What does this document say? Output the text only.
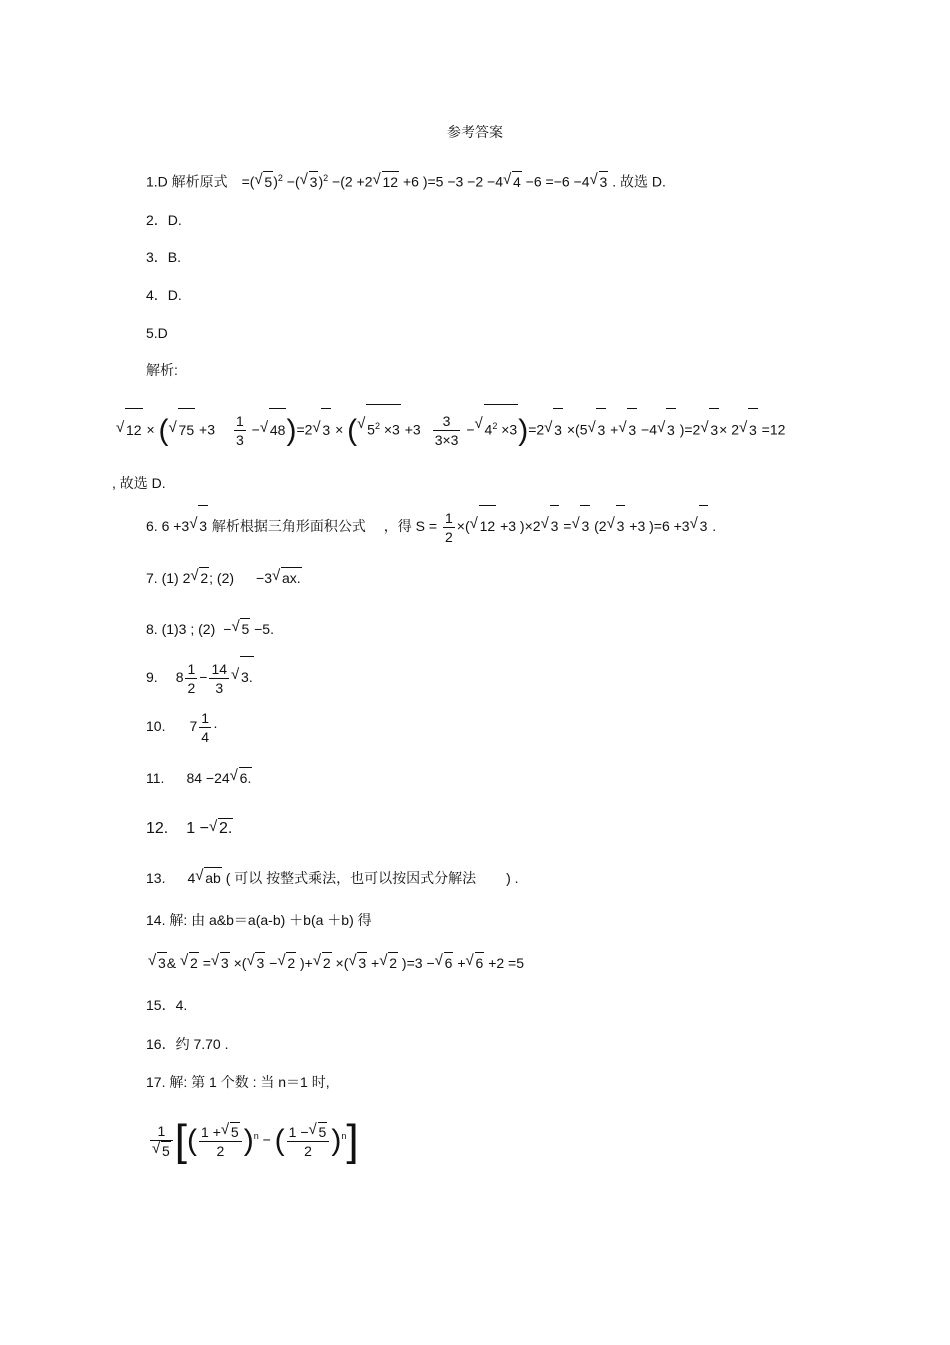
参考答案
1.D 解析原式 =(√ 5)$^2$ −(√ 3)$^2$ −(2 +2√ 12 +6 )=5 −3 −2 −4√ 4 −6 =−6 −4√ 3 . 故选 D.
2．D.
3．B.
4．D.
5.D
解析:
√ 12 × (√ $75 +3 \frac{1}{3}$ −√ 48)=2√ 3 × (√ $5^2 \times 3 +3 \frac{3}{3\times 3}$ −√ $4^2 \times 3)=2√$ 3 ×(5√ 3 +√ 3 −4√ 3 )=2√ 3× 2√ 3 =12
, 故选 D.
6. 6 +3√ 3 解析根据三角形面积公式 ，得 $S = \frac{1}{2}$ ×(√ 12 +3 )×2√ 3 =√ 3 (2√ 3 +3 )=6 +3√ 3 .
7. (1) 2√ 2; (2) −3√ ax.
8. (1)3 ; (2) −√ 5 −5.
9. $8 \frac{1}{2} - \frac{14}{3}$
√ 3.
10. $7 \frac{1}{4}$ ·
11. 84 −24√ 6.
12. 1 −√ 2.
13. 4√ ab ( 可以 按整式乘法，也可以按因式分解法 ) .
14. 解: 由 a&b＝a(a-b) ＋b(a ＋b) 得
√ 3& √ 2 =√ 3 ×(√ 3 −√ 2 )+√ 2 ×(√ 3 +√ 2 )=3 −√ 6 +√ 6 +2 =5
15．4.
16．约 7.70 .
17. 解: 第 1 个数 : 当 n＝1 时,
1
√ 5 [( $\frac{1 +√ 5}{2} )^n$ − ( $\frac{1 -√ 5}{2} )^n$]
